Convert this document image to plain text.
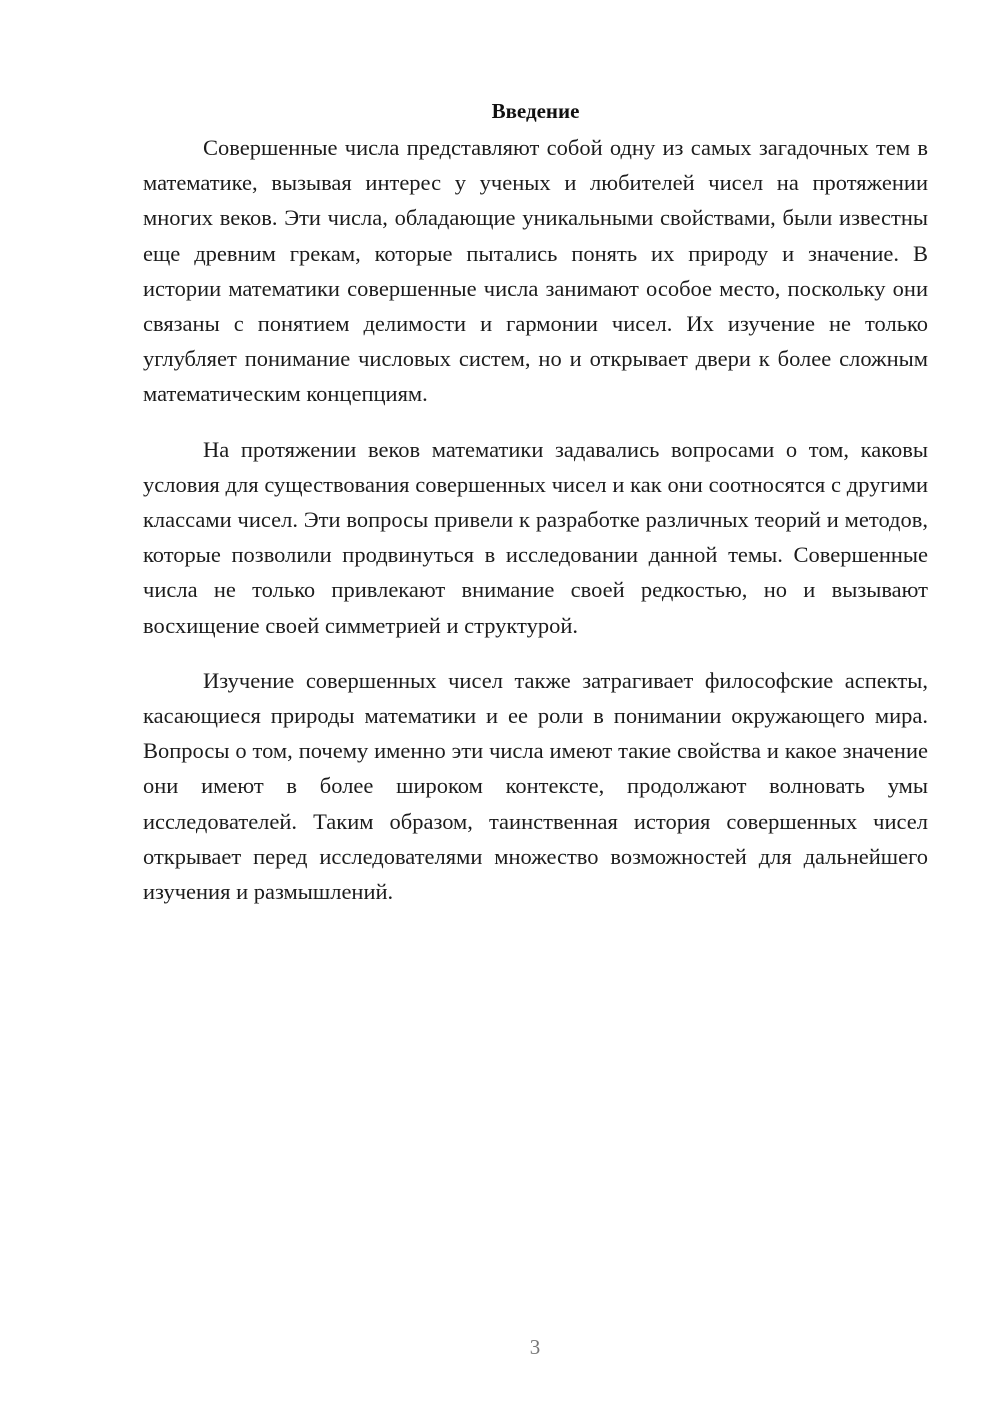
Введение

Совершенные числа представляют собой одну из самых загадочных тем в математике, вызывая интерес у ученых и любителей чисел на протяжении многих веков. Эти числа, обладающие уникальными свойствами, были известны еще древним грекам, которые пытались понять их природу и значение. В истории математики совершенные числа занимают особое место, поскольку они связаны с понятием делимости и гармонии чисел. Их изучение не только углубляет понимание числовых систем, но и открывает двери к более сложным математическим концепциям.

На протяжении веков математики задавались вопросами о том, каковы условия для существования совершенных чисел и как они соотносятся с другими классами чисел. Эти вопросы привели к разработке различных теорий и методов, которые позволили продвинуться в исследовании данной темы. Совершенные числа не только привлекают внимание своей редкостью, но и вызывают восхищение своей симметрией и структурой.

Изучение совершенных чисел также затрагивает философские аспекты, касающиеся природы математики и ее роли в понимании окружающего мира. Вопросы о том, почему именно эти числа имеют такие свойства и какое значение они имеют в более широком контексте, продолжают волновать умы исследователей. Таким образом, таинственная история совершенных чисел открывает перед исследователями множество возможностей для дальнейшего изучения и размышлений.

3
